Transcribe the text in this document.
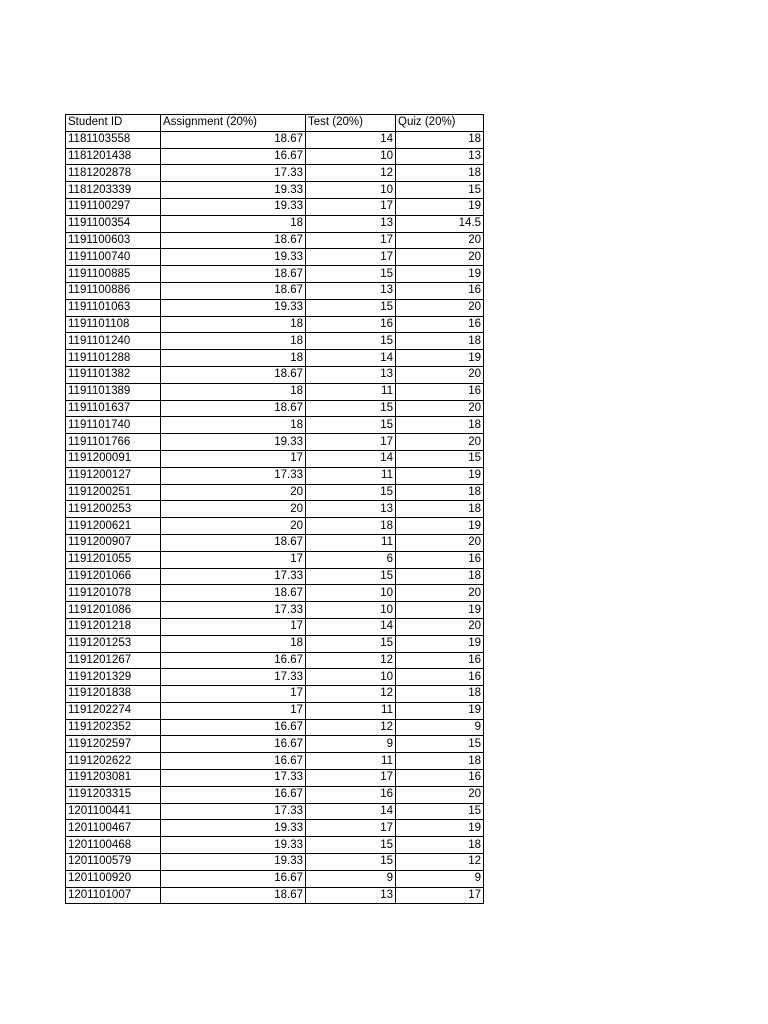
Student ID	Assignment (20%)	Test (20%)	Quiz (20%)
1181103558	18.67	14	18
1181201438	16.67	10	13
1181202878	17.33	12	18
1181203339	19.33	10	15
1191100297	19.33	17	19
1191100354	18	13	14.5
1191100603	18.67	17	20
1191100740	19.33	17	20
1191100885	18.67	15	19
1191100886	18.67	13	16
1191101063	19.33	15	20
1191101108	18	16	16
1191101240	18	15	18
1191101288	18	14	19
1191101382	18.67	13	20
1191101389	18	11	16
1191101637	18.67	15	20
1191101740	18	15	18
1191101766	19.33	17	20
1191200091	17	14	15
1191200127	17.33	11	19
1191200251	20	15	18
1191200253	20	13	18
1191200621	20	18	19
1191200907	18.67	11	20
1191201055	17	6	16
1191201066	17.33	15	18
1191201078	18.67	10	20
1191201086	17.33	10	19
1191201218	17	14	20
1191201253	18	15	19
1191201267	16.67	12	16
1191201329	17.33	10	16
1191201838	17	12	18
1191202274	17	11	19
1191202352	16.67	12	9
1191202597	16.67	9	15
1191202622	16.67	11	18
1191203081	17.33	17	16
1191203315	16.67	16	20
1201100441	17.33	14	15
1201100467	19.33	17	19
1201100468	19.33	15	18
1201100579	19.33	15	12
1201100920	16.67	9	9
1201101007	18.67	13	17
